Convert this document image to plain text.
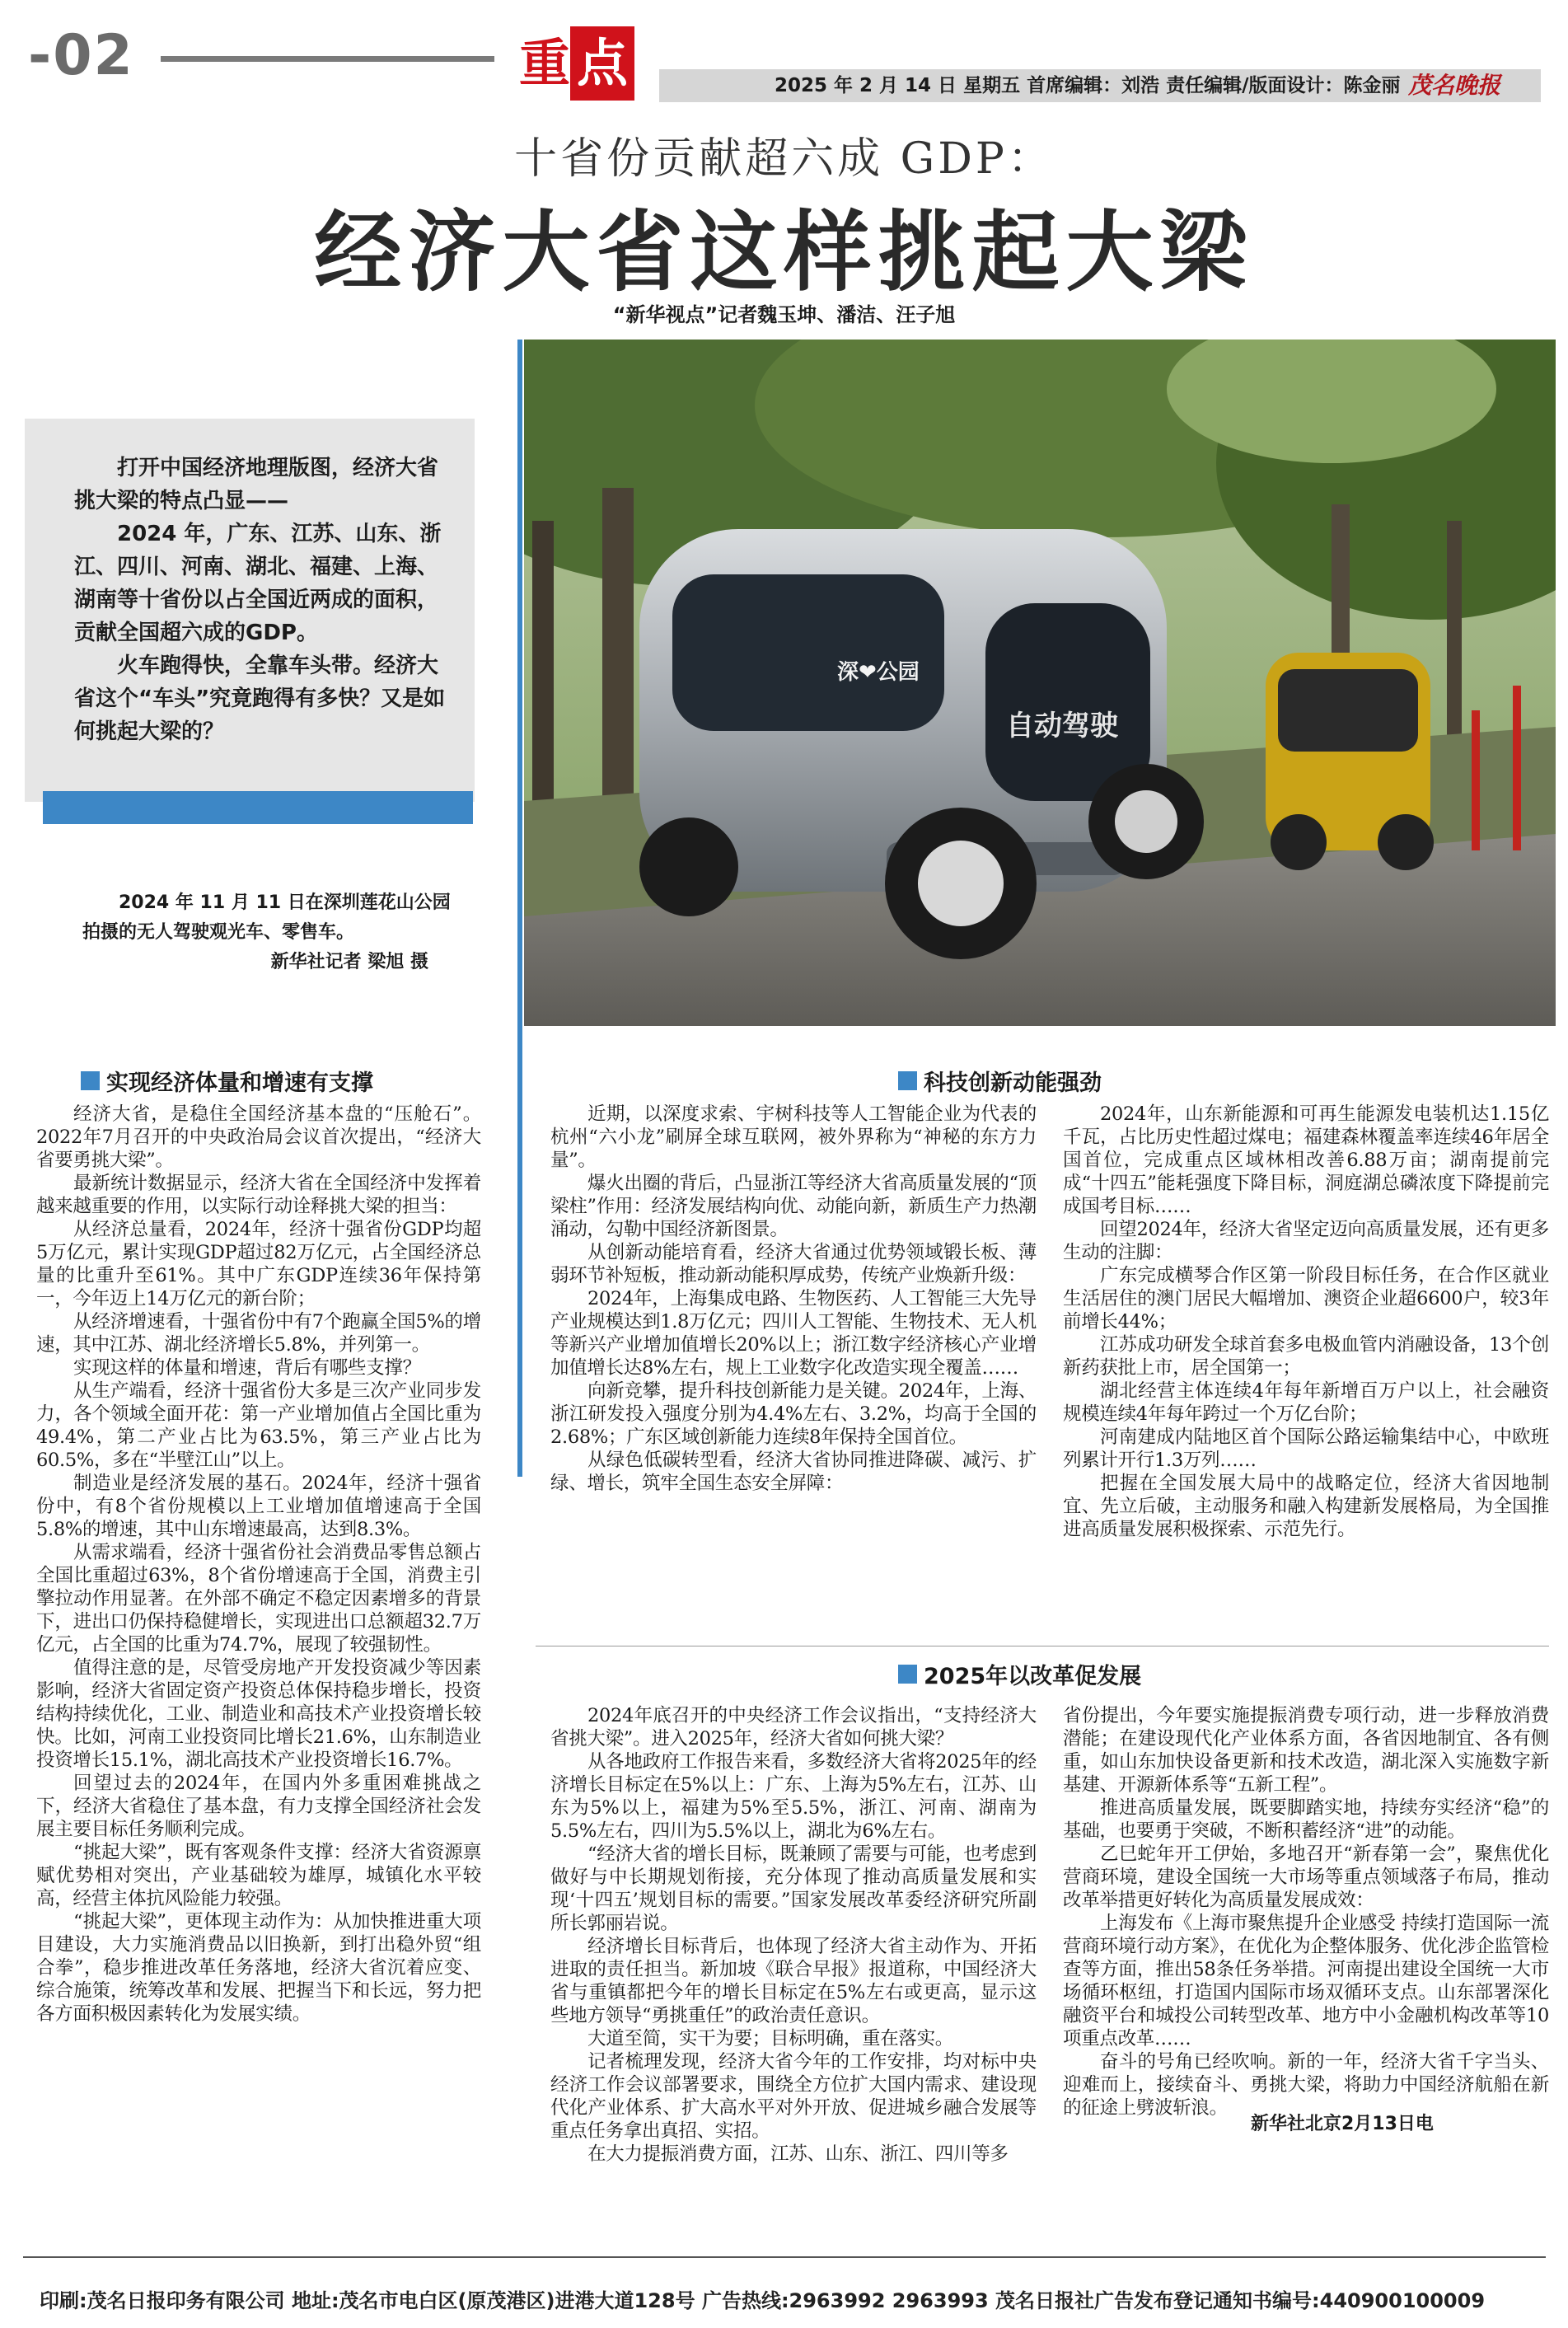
-02	重 点	2025 年 2 月 14 日 星期五 首席编辑：刘浩 责任编辑/版面设计：陈金丽 茂名晚报
十省份贡献超六成 GDP：
经济大省这样挑起大梁
“新华视点”记者魏玉坤、潘洁、汪子旭
深❤公园
自动驾驶

打开中国经济地理版图，经济大省挑大梁的特点凸显——

2024 年，广东、江苏、山东、浙江、四川、河南、湖北、福建、上海、湖南等十省份以占全国近两成的面积，贡献全国超六成的GDP。

火车跑得快，全靠车头带。经济大省这个“车头”究竟跑得有多快？又是如何挑起大梁的？

2024 年 11 月 11 日在深圳莲花山公园拍摄的无人驾驶观光车、零售车。
新华社记者 梁旭 摄
实现经济体量和增速有支撑

经济大省，是稳住全国经济基本盘的“压舱石”。2022年7月召开的中央政治局会议首次提出，“经济大省要勇挑大梁”。

最新统计数据显示，经济大省在全国经济中发挥着越来越重要的作用，以实际行动诠释挑大梁的担当：

从经济总量看，2024年，经济十强省份GDP均超5万亿元，累计实现GDP超过82万亿元，占全国经济总量的比重升至61%。其中广东GDP连续36年保持第一，今年迈上14万亿元的新台阶；

从经济增速看，十强省份中有7个跑赢全国5%的增速，其中江苏、湖北经济增长5.8%，并列第一。

实现这样的体量和增速，背后有哪些支撑？

从生产端看，经济十强省份大多是三次产业同步发力，各个领域全面开花：第一产业增加值占全国比重为49.4%，第二产业占比为63.5%，第三产业占比为60.5%，多在“半壁江山”以上。

制造业是经济发展的基石。2024年，经济十强省份中，有8个省份规模以上工业增加值增速高于全国5.8%的增速，其中山东增速最高，达到8.3%。

从需求端看，经济十强省份社会消费品零售总额占全国比重超过63%，8个省份增速高于全国，消费主引擎拉动作用显著。在外部不确定不稳定因素增多的背景下，进出口仍保持稳健增长，实现进出口总额超32.7万亿元，占全国的比重为74.7%，展现了较强韧性。

值得注意的是，尽管受房地产开发投资减少等因素影响，经济大省固定资产投资总体保持稳步增长，投资结构持续优化，工业、制造业和高技术产业投资增长较快。比如，河南工业投资同比增长21.6%，山东制造业投资增长15.1%，湖北高技术产业投资增长16.7%。

回望过去的2024年，在国内外多重困难挑战之下，经济大省稳住了基本盘，有力支撑全国经济社会发展主要目标任务顺利完成。

“挑起大梁”，既有客观条件支撑：经济大省资源禀赋优势相对突出，产业基础较为雄厚，城镇化水平较高，经营主体抗风险能力较强。

“挑起大梁”，更体现主动作为：从加快推进重大项目建设，大力实施消费品以旧换新，到打出稳外贸“组合拳”，稳步推进改革任务落地，经济大省沉着应变、综合施策，统筹改革和发展、把握当下和长远，努力把各方面积极因素转化为发展实绩。

科技创新动能强劲

近期，以深度求索、宇树科技等人工智能企业为代表的杭州“六小龙”刷屏全球互联网，被外界称为“神秘的东方力量”。

爆火出圈的背后，凸显浙江等经济大省高质量发展的“顶梁柱”作用：经济发展结构向优、动能向新，新质生产力热潮涌动，勾勒中国经济新图景。

从创新动能培育看，经济大省通过优势领域锻长板、薄弱环节补短板，推动新动能积厚成势，传统产业焕新升级：

2024年，上海集成电路、生物医药、人工智能三大先导产业规模达到1.8万亿元；四川人工智能、生物技术、无人机等新兴产业增加值增长20%以上；浙江数字经济核心产业增加值增长达8%左右，规上工业数字化改造实现全覆盖……

向新竞攀，提升科技创新能力是关键。2024年，上海、浙江研发投入强度分别为4.4%左右、3.2%，均高于全国的2.68%；广东区域创新能力连续8年保持全国首位。

从绿色低碳转型看，经济大省协同推进降碳、减污、扩绿、增长，筑牢全国生态安全屏障：

2024年，山东新能源和可再生能源发电装机达1.15亿千瓦，占比历史性超过煤电；福建森林覆盖率连续46年居全国首位，完成重点区域林相改善6.88万亩；湖南提前完成“十四五”能耗强度下降目标，洞庭湖总磷浓度下降提前完成国考目标……

回望2024年，经济大省坚定迈向高质量发展，还有更多生动的注脚：

广东完成横琴合作区第一阶段目标任务，在合作区就业生活居住的澳门居民大幅增加、澳资企业超6600户，较3年前增长44%；

江苏成功研发全球首套多电极血管内消融设备，13个创新药获批上市，居全国第一；

湖北经营主体连续4年每年新增百万户以上，社会融资规模连续4年每年跨过一个万亿台阶；

河南建成内陆地区首个国际公路运输集结中心，中欧班列累计开行1.3万列……

把握在全国发展大局中的战略定位，经济大省因地制宜、先立后破，主动服务和融入构建新发展格局，为全国推进高质量发展积极探索、示范先行。

2025年以改革促发展

2024年底召开的中央经济工作会议指出，“支持经济大省挑大梁”。进入2025年，经济大省如何挑大梁？

从各地政府工作报告来看，多数经济大省将2025年的经济增长目标定在5%以上：广东、上海为5%左右，江苏、山东为5%以上，福建为5%至5.5%，浙江、河南、湖南为5.5%左右，四川为5.5%以上，湖北为6%左右。

“经济大省的增长目标，既兼顾了需要与可能，也考虑到做好与中长期规划衔接，充分体现了推动高质量发展和实现‘十四五’规划目标的需要。”国家发展改革委经济研究所副所长郭丽岩说。

经济增长目标背后，也体现了经济大省主动作为、开拓进取的责任担当。新加坡《联合早报》报道称，中国经济大省与重镇都把今年的增长目标定在5%左右或更高，显示这些地方领导“勇挑重任”的政治责任意识。

大道至简，实干为要；目标明确，重在落实。

记者梳理发现，经济大省今年的工作安排，均对标中央经济工作会议部署要求，围绕全方位扩大国内需求、建设现代化产业体系、扩大高水平对外开放、促进城乡融合发展等重点任务拿出真招、实招。

在大力提振消费方面，江苏、山东、浙江、四川等多

省份提出，今年要实施提振消费专项行动，进一步释放消费潜能；在建设现代化产业体系方面，各省因地制宜、各有侧重，如山东加快设备更新和技术改造，湖北深入实施数字新基建、开源新体系等“五新工程”。

推进高质量发展，既要脚踏实地，持续夯实经济“稳”的基础，也要勇于突破，不断积蓄经济“进”的动能。

乙巳蛇年开工伊始，多地召开“新春第一会”，聚焦优化营商环境，建设全国统一大市场等重点领域落子布局，推动改革举措更好转化为高质量发展成效：

上海发布《上海市聚焦提升企业感受 持续打造国际一流营商环境行动方案》，在优化为企整体服务、优化涉企监管检查等方面，推出58条任务举措。河南提出建设全国统一大市场循环枢纽，打造国内国际市场双循环支点。山东部署深化融资平台和城投公司转型改革、地方中小金融机构改革等10项重点改革……

奋斗的号角已经吹响。新的一年，经济大省千字当头、迎难而上，接续奋斗、勇挑大梁，将助力中国经济航船在新的征途上劈波斩浪。

新华社北京2月13日电
印刷:茂名日报印务有限公司 地址:茂名市电白区(原茂港区)进港大道128号 广告热线:2963992 2963993 茂名日报社广告发布登记通知书编号:440900100009
